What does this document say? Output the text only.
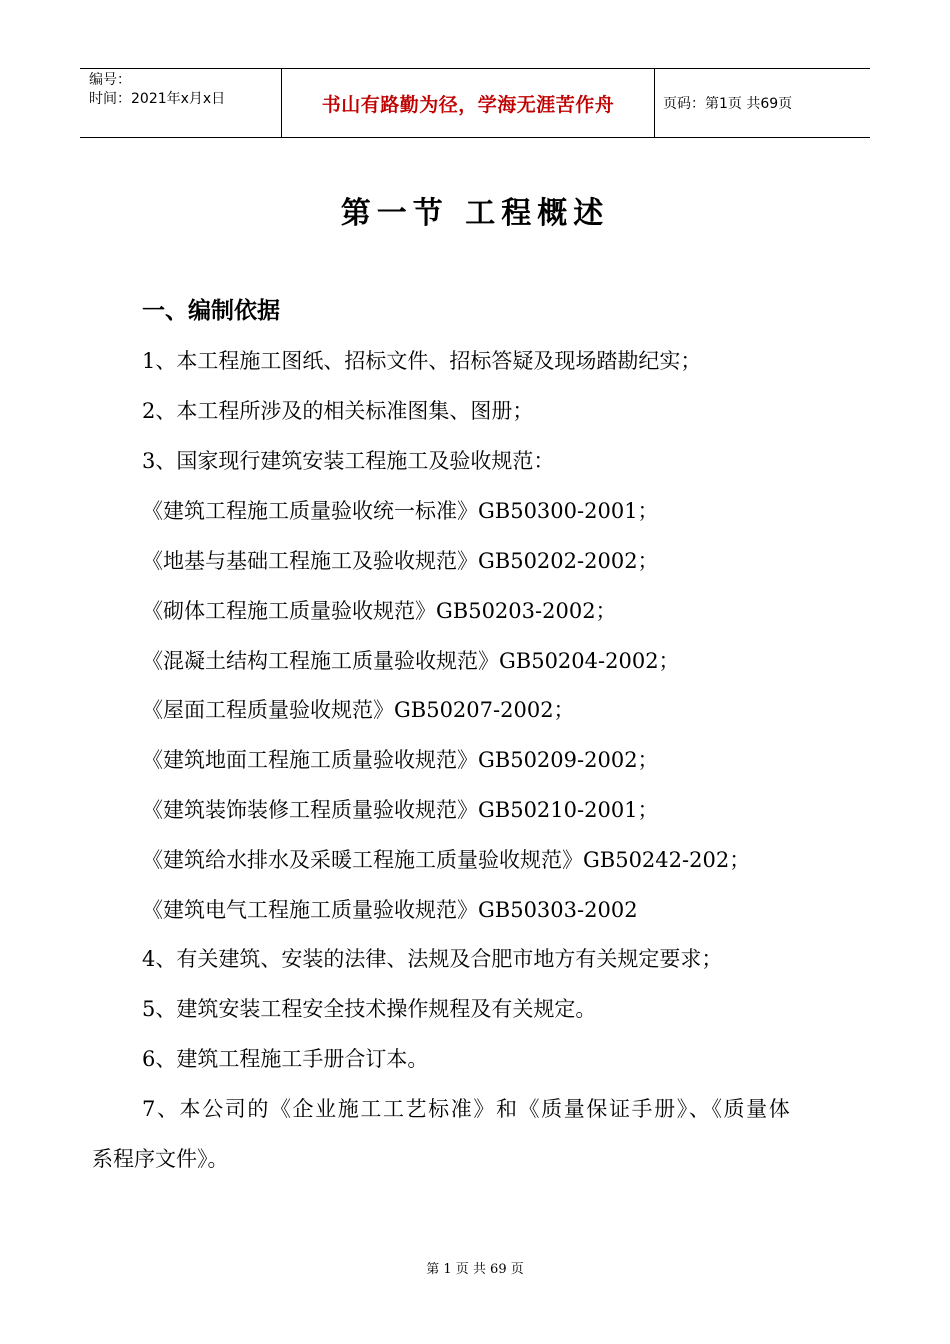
编号：
时间：2021年x月x日	书山有路勤为径，学海无涯苦作舟	页码：第1页 共69页
第一节 工程概述
一、编制依据
1、本工程施工图纸、招标文件、招标答疑及现场踏勘纪实；
2、本工程所涉及的相关标准图集、图册；
3、国家现行建筑安装工程施工及验收规范：
《建筑工程施工质量验收统一标准》GB50300-2001；
《地基与基础工程施工及验收规范》GB50202-2002；
《砌体工程施工质量验收规范》GB50203-2002；
《混凝土结构工程施工质量验收规范》GB50204-2002；
《屋面工程质量验收规范》GB50207-2002；
《建筑地面工程施工质量验收规范》GB50209-2002；
《建筑装饰装修工程质量验收规范》GB50210-2001；
《建筑给水排水及采暖工程施工质量验收规范》GB50242-202；
《建筑电气工程施工质量验收规范》GB50303-2002
4、有关建筑、安装的法律、法规及合肥市地方有关规定要求；
5、建筑安装工程安全技术操作规程及有关规定。
6、建筑工程施工手册合订本。
7、本公司的《企业施工工艺标准》和《质量保证手册》、《质量体
系程序文件》。
第 1 页 共 69 页
